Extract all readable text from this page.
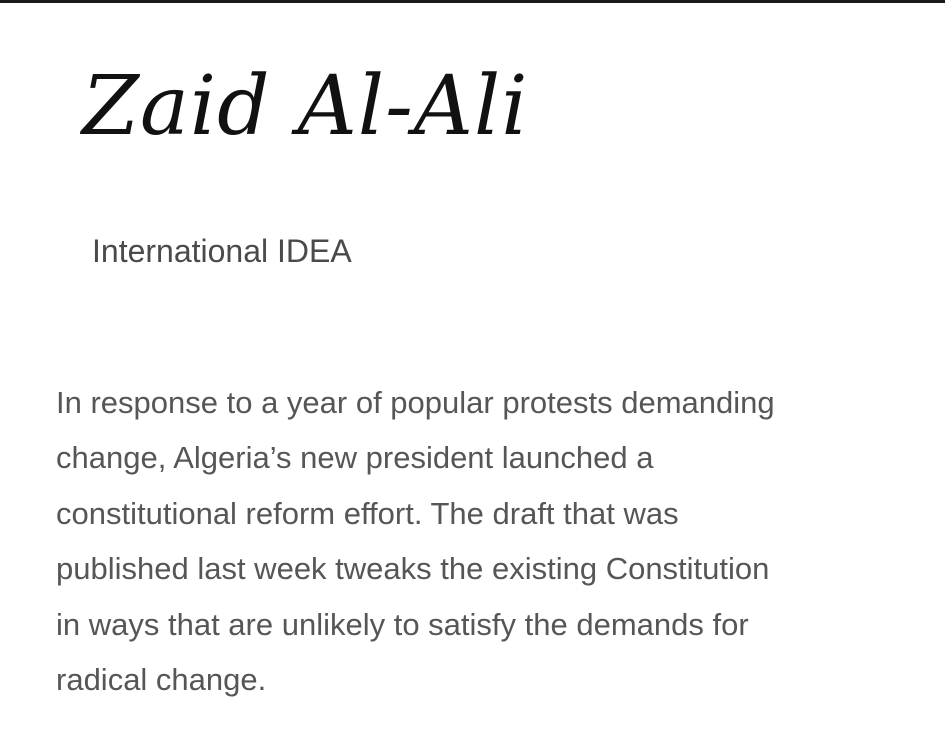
Zaid Al-Ali
International IDEA

In response to a year of popular protests demanding
change, Algeria’s new president launched a
constitutional reform effort. The draft that was
published last week tweaks the existing Constitution
in ways that are unlikely to satisfy the demands for
radical change.
